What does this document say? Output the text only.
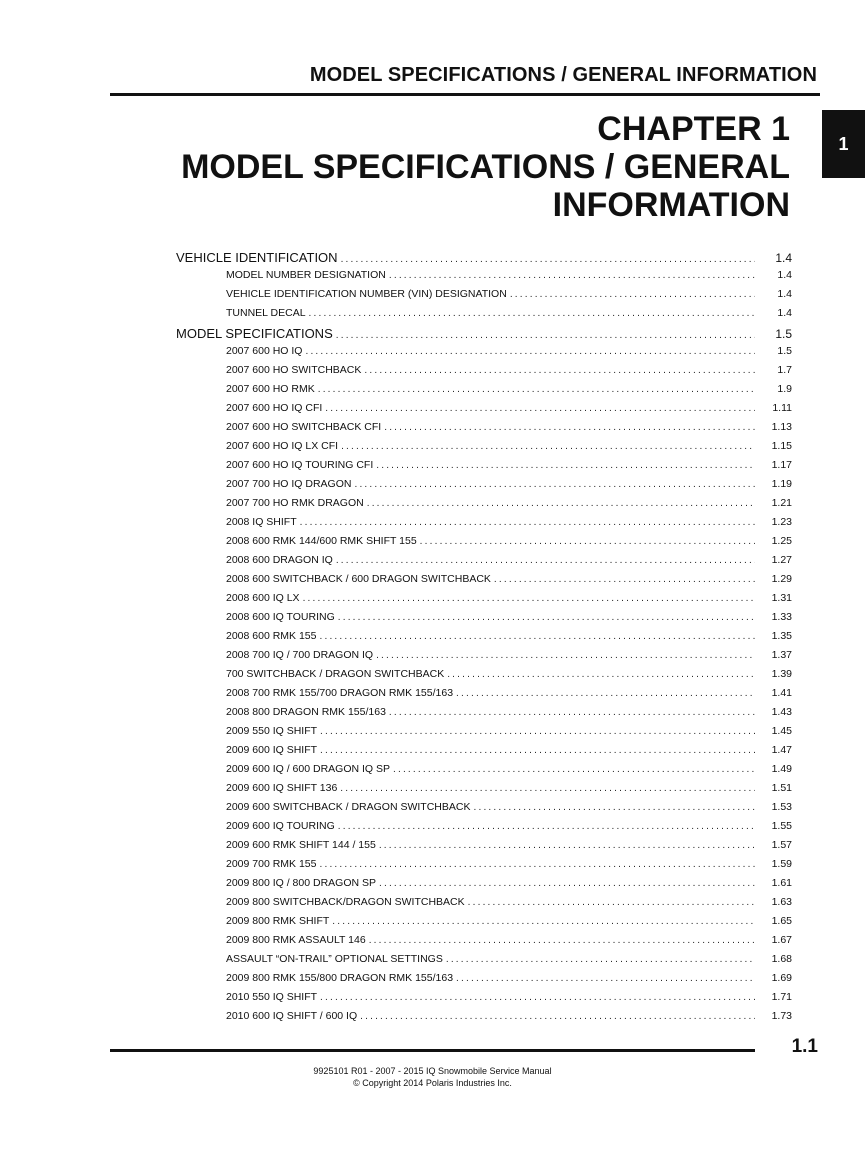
MODEL SPECIFICATIONS / GENERAL INFORMATION
1
CHAPTER 1
MODEL SPECIFICATIONS / GENERAL
INFORMATION
VEHICLE IDENTIFICATION .....	1.4
MODEL NUMBER DESIGNATION .....	1.4
VEHICLE IDENTIFICATION NUMBER (VIN) DESIGNATION .....	1.4
TUNNEL DECAL .....	1.4
MODEL SPECIFICATIONS .....	1.5
2007 600 HO IQ .....	1.5
2007 600 HO SWITCHBACK .....	1.7
2007 600 HO RMK .....	1.9
2007 600 HO IQ CFI .....	1.11
2007 600 HO SWITCHBACK CFI .....	1.13
2007 600 HO IQ LX CFI .....	1.15
2007 600 HO IQ TOURING CFI .....	1.17
2007 700 HO IQ DRAGON .....	1.19
2007 700 HO RMK DRAGON .....	1.21
2008 IQ SHIFT .....	1.23
2008 600 RMK 144/600 RMK SHIFT 155 .....	1.25
2008 600 DRAGON IQ .....	1.27
2008 600 SWITCHBACK / 600 DRAGON SWITCHBACK .....	1.29
2008 600 IQ LX .....	1.31
2008 600 IQ TOURING .....	1.33
2008 600 RMK 155 .....	1.35
2008 700 IQ / 700 DRAGON IQ .....	1.37
700 SWITCHBACK / DRAGON SWITCHBACK .....	1.39
2008 700 RMK 155/700 DRAGON RMK 155/163 .....	1.41
2008 800 DRAGON RMK 155/163 .....	1.43
2009 550 IQ SHIFT .....	1.45
2009 600 IQ SHIFT .....	1.47
2009 600 IQ / 600 DRAGON IQ SP .....	1.49
2009 600 IQ SHIFT 136 .....	1.51
2009 600 SWITCHBACK / DRAGON SWITCHBACK .....	1.53
2009 600 IQ TOURING .....	1.55
2009 600 RMK SHIFT 144 / 155 .....	1.57
2009 700 RMK 155 .....	1.59
2009 800 IQ / 800 DRAGON SP .....	1.61
2009 800 SWITCHBACK/DRAGON SWITCHBACK .....	1.63
2009 800 RMK SHIFT .....	1.65
2009 800 RMK ASSAULT 146 .....	1.67
ASSAULT “ON-TRAIL” OPTIONAL SETTINGS .....	1.68
2009 800 RMK 155/800 DRAGON RMK 155/163 .....	1.69
2010 550 IQ SHIFT .....	1.71
2010 600 IQ SHIFT / 600 IQ .....	1.73
1.1
9925101 R01 - 2007 - 2015 IQ Snowmobile Service Manual
© Copyright 2014 Polaris Industries Inc.
